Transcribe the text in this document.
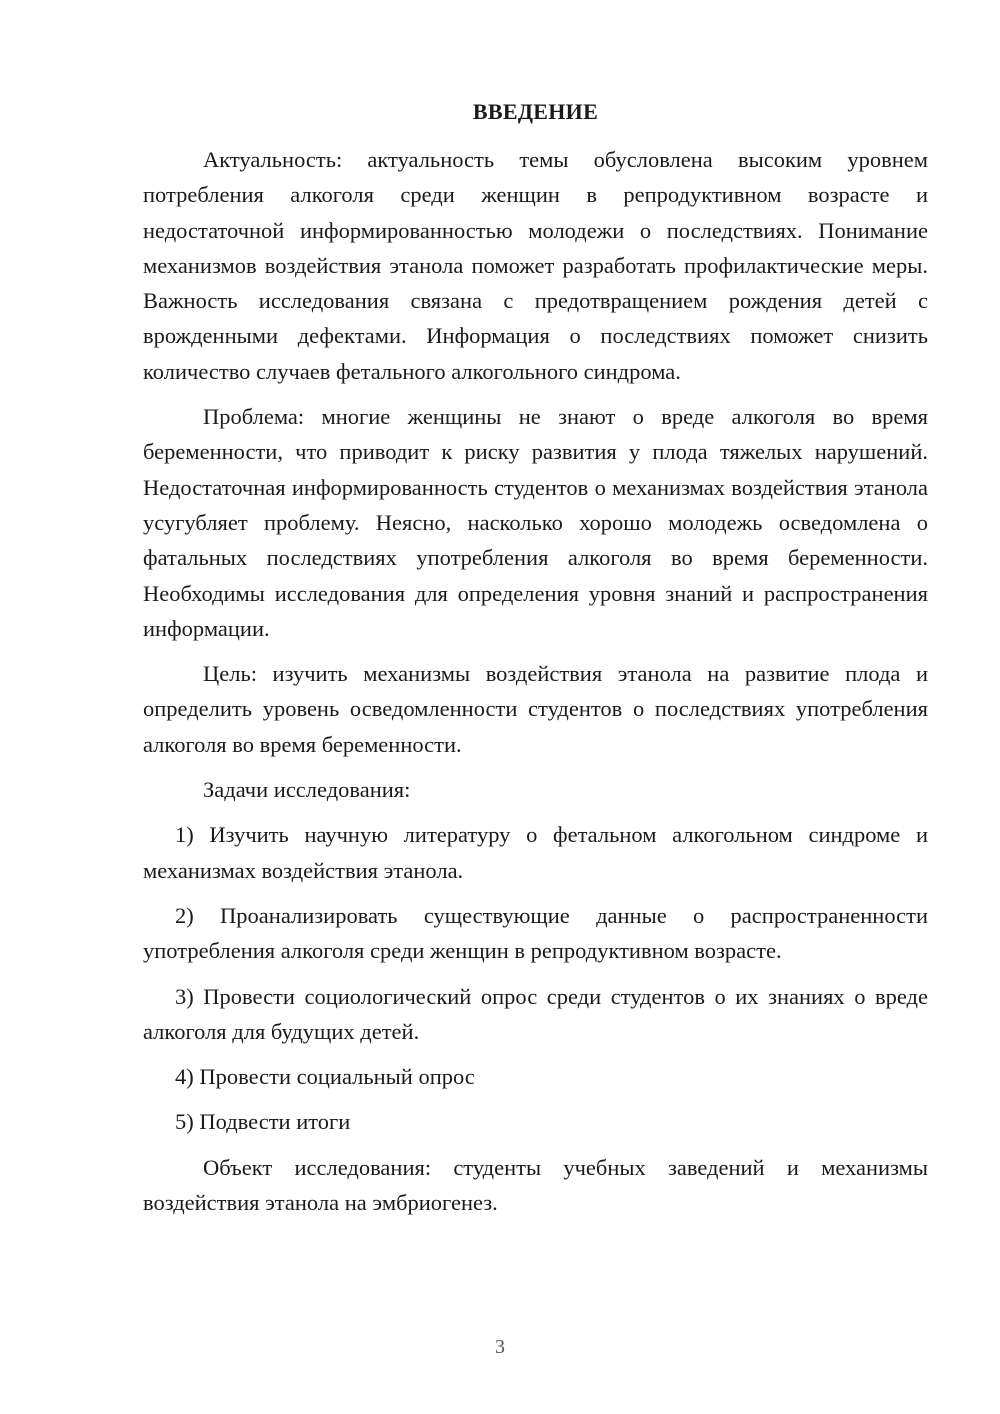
ВВЕДЕНИЕ

Актуальность: актуальность темы обусловлена высоким уровнем потребления алкоголя среди женщин в репродуктивном возрасте и недостаточной информированностью молодежи о последствиях. Понимание механизмов воздействия этанола поможет разработать профилактические меры. Важность исследования связана с предотвращением рождения детей с врожденными дефектами. Информация о последствиях поможет снизить количество случаев фетального алкогольного синдрома.

Проблема: многие женщины не знают о вреде алкоголя во время беременности, что приводит к риску развития у плода тяжелых нарушений. Недостаточная информированность студентов о механизмах воздействия этанола усугубляет проблему. Неясно, насколько хорошо молодежь осведомлена о фатальных последствиях употребления алкоголя во время беременности. Необходимы исследования для определения уровня знаний и распространения информации.

Цель: изучить механизмы воздействия этанола на развитие плода и определить уровень осведомленности студентов о последствиях употребления алкоголя во время беременности.

Задачи исследования:

1) Изучить научную литературу о фетальном алкогольном синдроме и механизмах воздействия этанола.

2) Проанализировать существующие данные о распространенности употребления алкоголя среди женщин в репродуктивном возрасте.

3) Провести социологический опрос среди студентов о их знаниях о вреде алкоголя для будущих детей.

4) Провести социальный опрос

5) Подвести итоги

Объект исследования: студенты учебных заведений и механизмы воздействия этанола на эмбриогенез.

3
